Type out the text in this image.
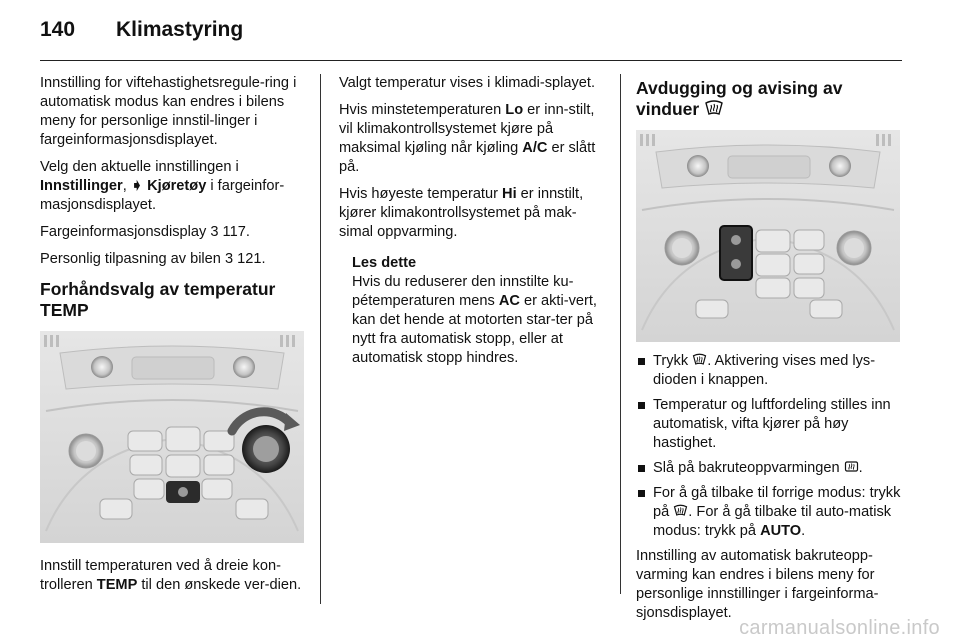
140 Klimastyring

Innstilling for viftehastighetsregule-ring i automatisk modus kan endres i bilens meny for personlige innstil-linger i fargeinformasjonsdisplayet.

Velg den aktuelle innstillingen i
Innstillinger, ➧ Kjøretøy i fargeinfor-masjonsdisplayet.

Fargeinformasjonsdisplay 3 117.

Personlig tilpasning av bilen 3 121.

Forhåndsvalg av temperatur TEMP

Innstill temperaturen ved å dreie kon-trolleren TEMP til den ønskede ver-dien.

Valgt temperatur vises i klimadi-splayet.

Hvis minstetemperaturen Lo er inn-stilt, vil klimakontrollsystemet kjøre på maksimal kjøling når kjøling A/C er slått på.

Hvis høyeste temperatur Hi er innstilt, kjører klimakontrollsystemet på mak-simal oppvarming.

Les dette
Hvis du reduserer den innstilte ku-pétemperaturen mens AC er akti-vert, kan det hende at motorten star-ter på nytt fra automatisk stopp, eller at automatisk stopp hindres.
Avdugging og avising av vinduer
Trykk . Aktivering vises med lys-dioden i knappen.
Temperatur og luftfordeling stilles inn automatisk, vifta kjører på høy hastighet.
Slå på bakruteoppvarmingen .
For å gå tilbake til forrige modus: trykk på . For å gå tilbake til auto-matisk modus: trykk på AUTO.

Innstilling av automatisk bakruteopp-varming kan endres i bilens meny for personlige innstillinger i fargeinforma-sjonsdisplayet.

carmanualsonline.info
